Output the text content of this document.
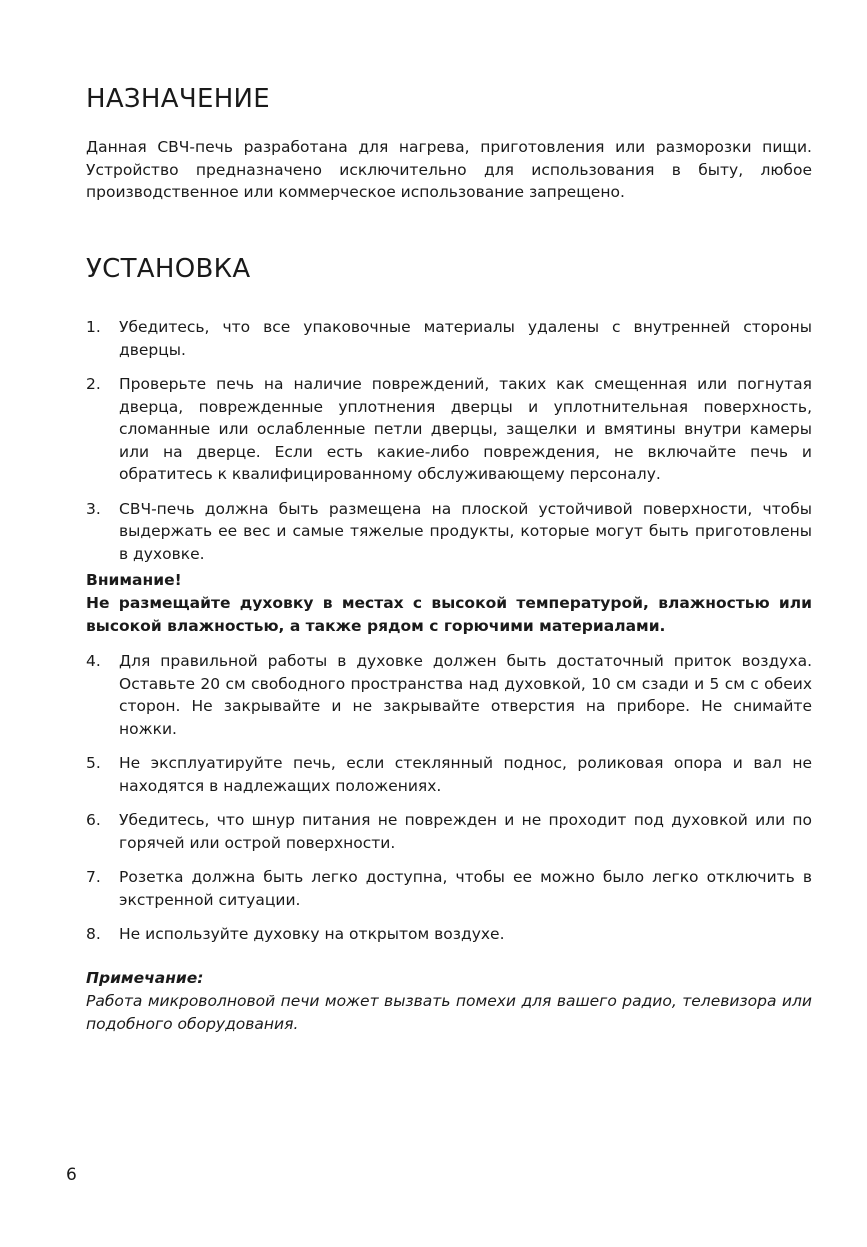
НАЗНАЧЕНИЕ

Данная СВЧ-печь разработана для нагрева, приготовления или разморозки пищи. Устройство предназначено исключительно для использования в быту, любое производственное или коммерческое использование запрещено.

УСТАНОВКА
1.	Убедитесь, что все упаковочные материалы удалены с внутренней стороны дверцы.
2.	Проверьте печь на наличие повреждений, таких как смещенная или погнутая дверца, поврежденные уплотнения дверцы и уплотнительная поверхность, сломанные или ослабленные петли дверцы, защелки и вмятины внутри камеры или на дверце. Если есть какие-либо повреждения, не включайте печь и обратитесь к квалифицированному обслуживающему персоналу.
3.	СВЧ-печь должна быть размещена на плоской устойчивой поверхности, чтобы выдержать ее вес и самые тяжелые продукты, которые могут быть приготовлены в духовке.

Внимание!

Не размещайте духовку в местах с высокой температурой, влажностью или высокой влажностью, а также рядом с горючими материалами.

4.	Для правильной работы в духовке должен быть достаточный приток воздуха. Оставьте 20 см свободного пространства над духовкой, 10 см сзади и 5 см с обеих сторон. Не закрывайте и не закрывайте отверстия на приборе. Не снимайте ножки.
5.	Не эксплуатируйте печь, если стеклянный поднос, роликовая опора и вал не находятся в надлежащих положениях.
6.	Убедитесь, что шнур питания не поврежден и не проходит под духовкой или по горячей или острой поверхности.
7.	Розетка должна быть легко доступна, чтобы ее можно было легко отключить в экстренной ситуации.
8.	Не используйте духовку на открытом воздухе.

Примечание:

Работа микроволновой печи может вызвать помехи для вашего радио, телевизора или подобного оборудования.

6
